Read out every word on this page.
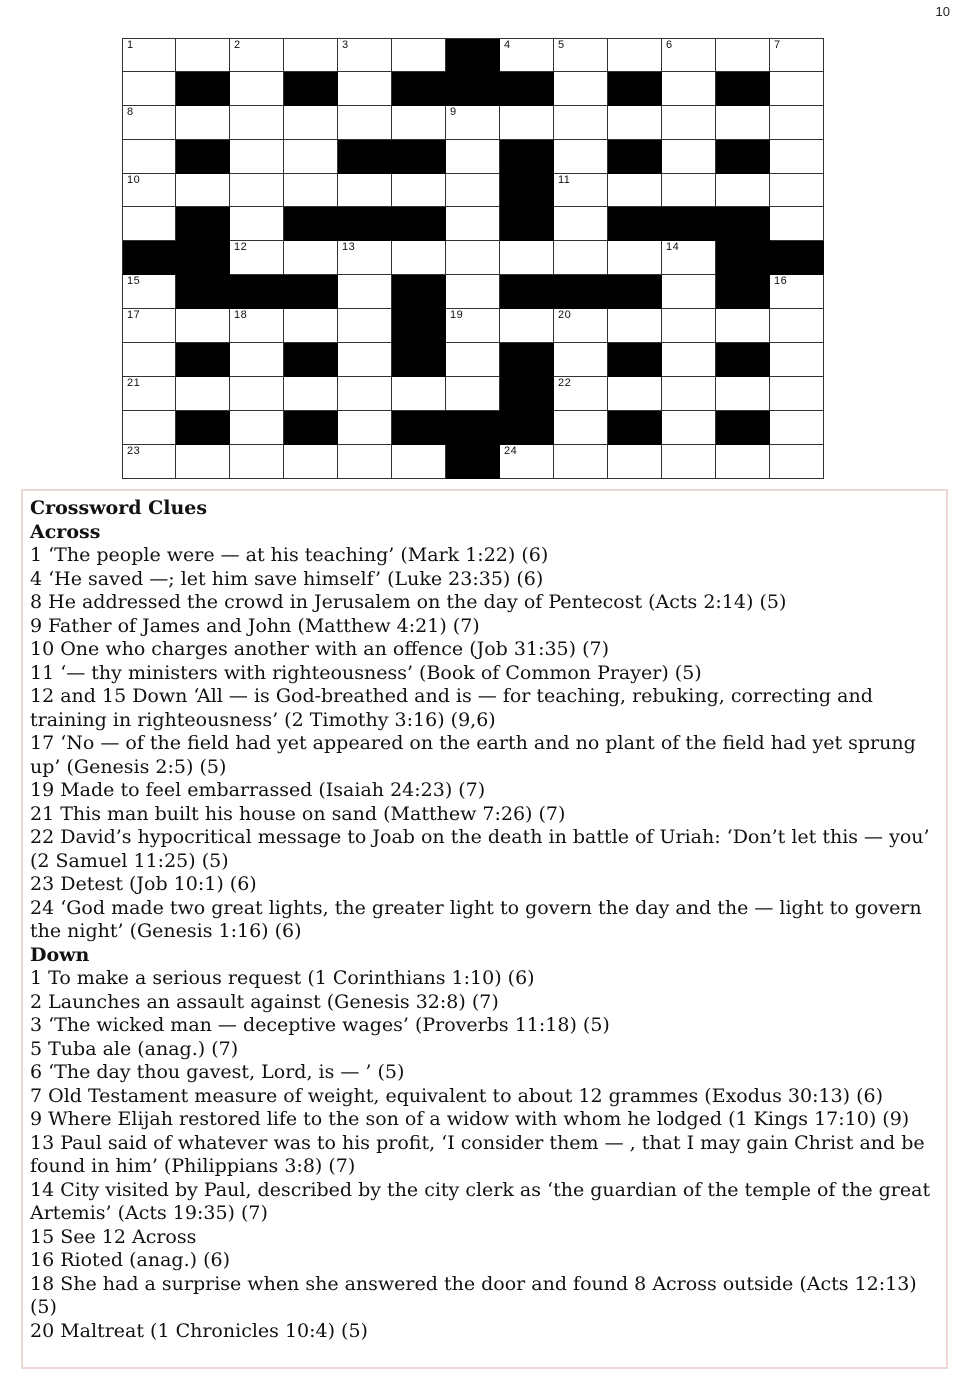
10
1	2	3	4	5	6	7
8	9
10	11
12	13	14
15	16
17	18	19	20
21	22
23	24
Crossword Clues
Across
1 ‘The people were — at his teaching’ (Mark 1:22) (6)
4 ‘He saved —; let him save himself’ (Luke 23:35) (6)
8 He addressed the crowd in Jerusalem on the day of Pentecost (Acts 2:14) (5)
9 Father of James and John (Matthew 4:21) (7)
10 One who charges another with an offence (Job 31:35) (7)
11 ‘— thy ministers with righteousness’ (Book of Common Prayer) (5)
12 and 15 Down ‘All — is God-breathed and is — for teaching, rebuking, correcting and training in righteousness’ (2 Timothy 3:16) (9,6)
17 ‘No — of the field had yet appeared on the earth and no plant of the field had yet sprung up’ (Genesis 2:5) (5)
19 Made to feel embarrassed (Isaiah 24:23) (7)
21 This man built his house on sand (Matthew 7:26) (7)
22 David’s hypocritical message to Joab on the death in battle of Uriah: ‘Don’t let this — you’ (2 Samuel 11:25) (5)
23 Detest (Job 10:1) (6)
24 ‘God made two great lights, the greater light to govern the day and the — light to govern the night’ (Genesis 1:16) (6)
Down
1 To make a serious request (1 Corinthians 1:10) (6)
2 Launches an assault against (Genesis 32:8) (7)
3 ‘The wicked man — deceptive wages’ (Proverbs 11:18) (5)
5 Tuba ale (anag.) (7)
6 ‘The day thou gavest, Lord, is — ’ (5)
7 Old Testament measure of weight, equivalent to about 12 grammes (Exodus 30:13) (6)
9 Where Elijah restored life to the son of a widow with whom he lodged (1 Kings 17:10) (9)
13 Paul said of whatever was to his profit, ‘I consider them — , that I may gain Christ and be found in him’ (Philippians 3:8) (7)
14 City visited by Paul, described by the city clerk as ‘the guardian of the temple of the great Artemis’ (Acts 19:35) (7)
15 See 12 Across
16 Rioted (anag.) (6)
18 She had a surprise when she answered the door and found 8 Across outside (Acts 12:13) (5)
20 Maltreat (1 Chronicles 10:4) (5)
